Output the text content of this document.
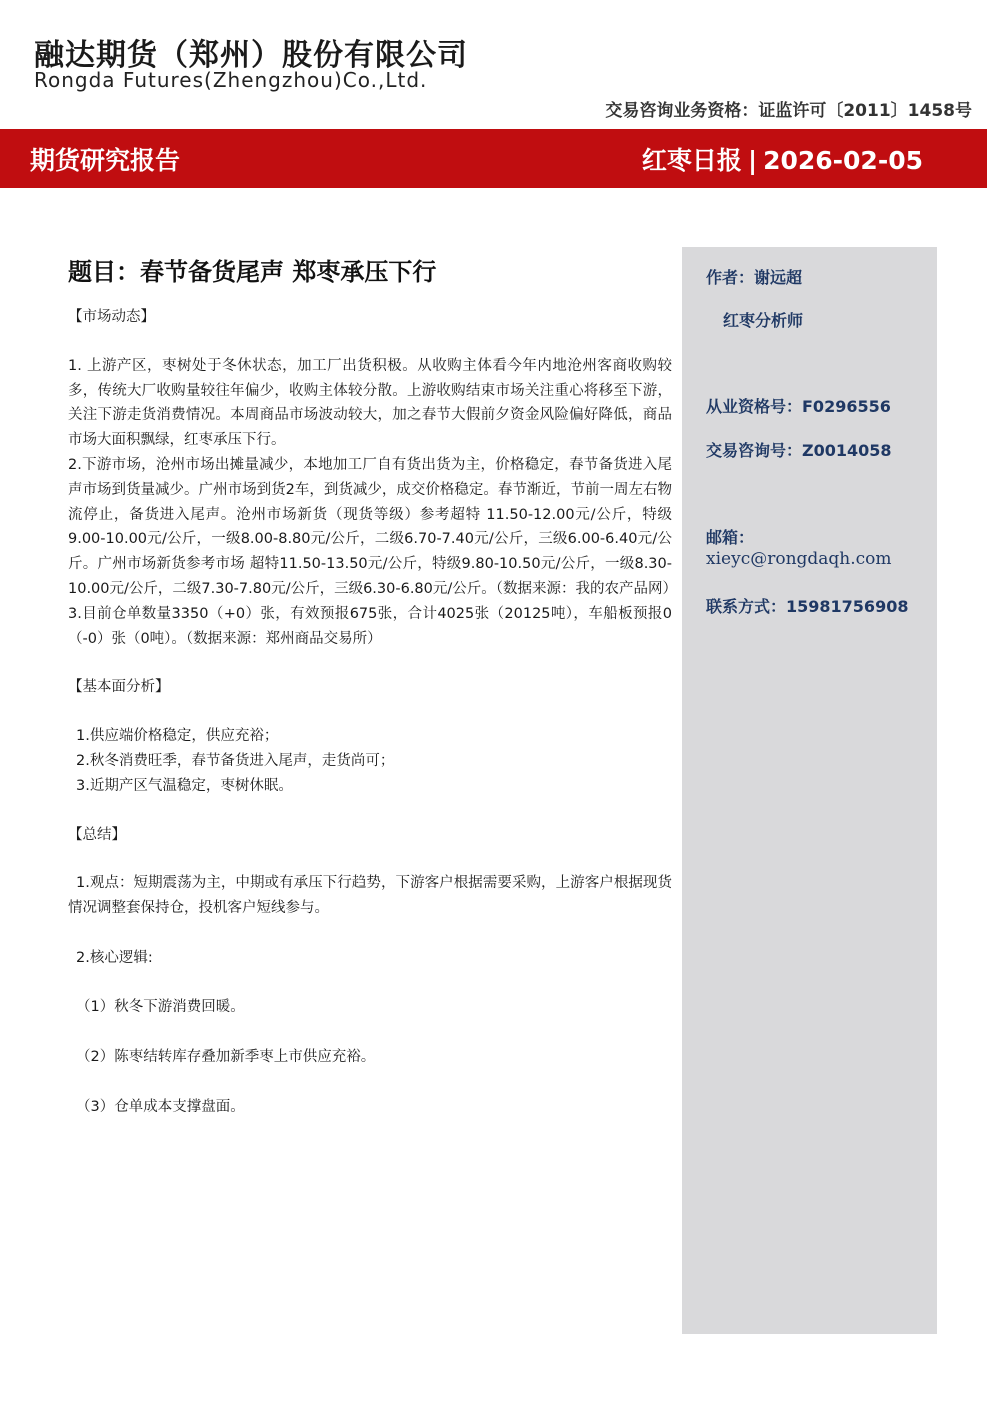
融达期货（郑州）股份有限公司
Rongda Futures(Zhengzhou)Co.,Ltd.
交易咨询业务资格：证监许可〔2011〕1458号
期货研究报告	红枣日报 | 2026-02-05
题目：春节备货尾声 郑枣承压下行
【市场动态】

1. 上游产区，枣树处于冬休状态，加工厂出货积极。从收购主体看今年内地沧州客商收购较多，传统大厂收购量较往年偏少，收购主体较分散。上游收购结束市场关注重心将移至下游，关注下游走货消费情况。本周商品市场波动较大，加之春节大假前夕资金风险偏好降低，商品市场大面积飘绿，红枣承压下行。

2.下游市场，沧州市场出摊量减少，本地加工厂自有货出货为主，价格稳定，春节备货进入尾声市场到货量减少。广州市场到货2车，到货减少，成交价格稳定。春节渐近，节前一周左右物流停止，备货进入尾声。沧州市场新货（现货等级）参考超特 11.50-12.00元/公斤，特级9.00-10.00元/公斤，一级8.00-8.80元/公斤，二级6.70-7.40元/公斤，三级6.00-6.40元/公斤。广州市场新货参考市场 超特11.50-13.50元/公斤，特级9.80-10.50元/公斤，一级8.30-10.00元/公斤，二级7.30-7.80元/公斤，三级6.30-6.80元/公斤。（数据来源：我的农产品网）

3.目前仓单数量3350（+0）张，有效预报675张，合计4025张（20125吨），车船板预报0（-0）张（0吨）。（数据来源：郑州商品交易所）

【基本面分析】
1.供应端价格稳定，供应充裕；
2.秋冬消费旺季，春节备货进入尾声，走货尚可；
3.近期产区气温稳定，枣树休眠。
【总结】

1.观点：短期震荡为主，中期或有承压下行趋势，下游客户根据需要采购，上游客户根据现货情况调整套保持仓，投机客户短线参与。

2.核心逻辑:
（1）秋冬下游消费回暖。
（2）陈枣结转库存叠加新季枣上市供应充裕。
（3）仓单成本支撑盘面。
作者：谢远超
红枣分析师
从业资格号：F0296556
交易咨询号：Z0014058
邮箱：
xieyc@rongdaqh.com
联系方式：15981756908
